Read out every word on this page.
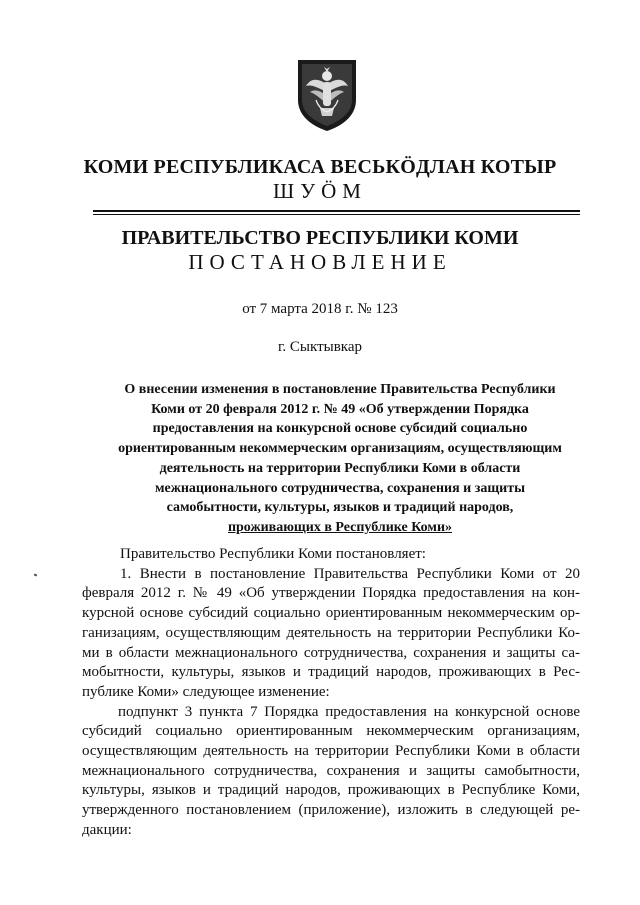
КОМИ РЕСПУБЛИКАСА ВЕСЬКӦДЛАН КОТЫР
ШУӦМ
ПРАВИТЕЛЬСТВО РЕСПУБЛИКИ КОМИ
ПОСТАНОВЛЕНИЕ
от 7 марта 2018 г. № 123
г. Сыктывкар
О внесении изменения в постановление Правительства Республики
Коми от 20 февраля 2012 г. № 49 «Об утверждении Порядка
предоставления на конкурсной основе субсидий социально
ориентированным некоммерческим организациям, осуществляющим
деятельность на территории Республики Коми в области
межнационального сотрудничества, сохранения и защиты
самобытности, культуры, языков и традиций народов,
проживающих в Республике Коми»
Правительство Республики Коми постановляет:
1. Внести в постановление Правительства Республики Коми от 20
февраля 2012 г. № 49 «Об утверждении Порядка предоставления на кон-
курсной основе субсидий социально ориентированным некоммерческим ор-
ганизациям, осуществляющим деятельность на территории Республики Ко-
ми в области межнационального сотрудничества, сохранения и защиты са-
мобытности, культуры, языков и традиций народов, проживающих в Рес-
публике Коми» следующее изменение:
подпункт 3 пункта 7 Порядка предоставления на конкурсной основе
субсидий социально ориентированным некоммерческим организациям,
осуществляющим деятельность на территории Республики Коми в области
межнационального сотрудничества, сохранения и защиты самобытности,
культуры, языков и традиций народов, проживающих в Республике Коми,
утвержденного постановлением (приложение), изложить в следующей ре-
дакции:
